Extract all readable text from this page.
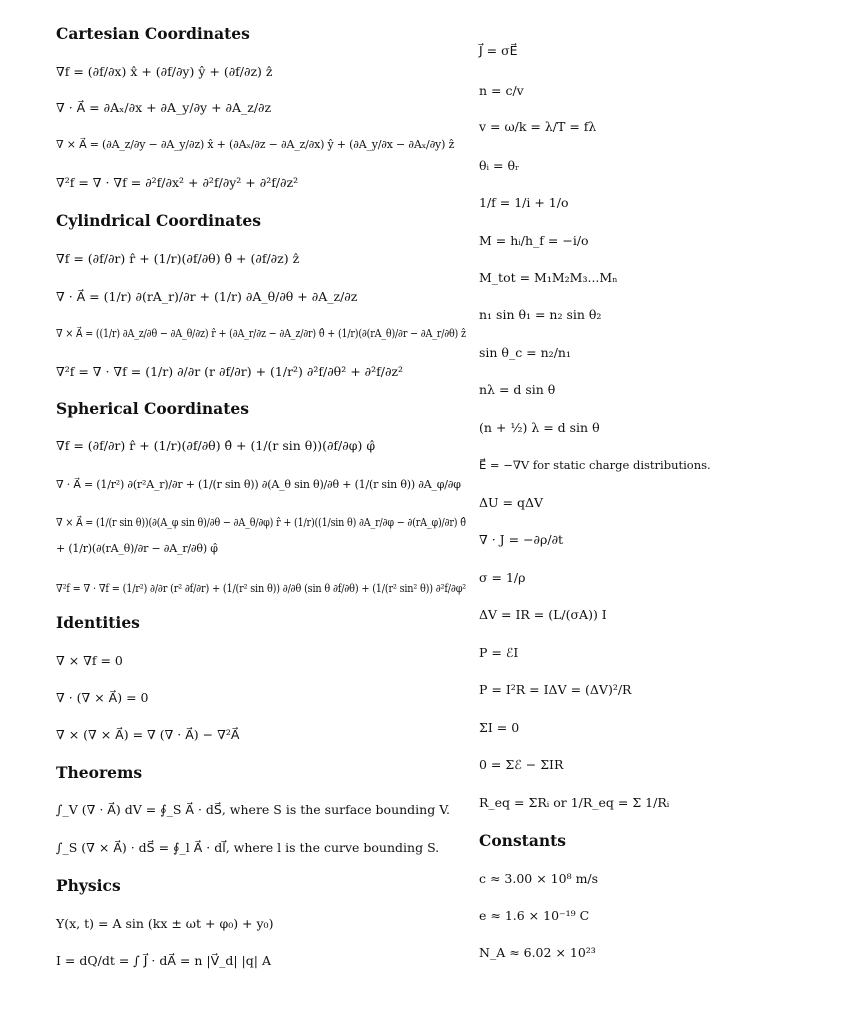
Cartesian Coordinates
∇f = (∂f/∂x) x̂ + (∂f/∂y) ŷ + (∂f/∂z) ẑ
∇ · A⃗ = ∂Aₓ/∂x + ∂A_y/∂y + ∂A_z/∂z
∇ × A⃗ = (∂A_z/∂y − ∂A_y/∂z) x̂ + (∂Aₓ/∂z − ∂A_z/∂x) ŷ + (∂A_y/∂x − ∂Aₓ/∂y) ẑ
∇²f = ∇ · ∇f = ∂²f/∂x² + ∂²f/∂y² + ∂²f/∂z²
Cylindrical Coordinates
∇f = (∂f/∂r) r̂ + (1/r)(∂f/∂θ) θ̂ + (∂f/∂z) ẑ
∇ · A⃗ = (1/r) ∂(rA_r)/∂r + (1/r) ∂A_θ/∂θ + ∂A_z/∂z
∇ × A⃗ = ((1/r) ∂A_z/∂θ − ∂A_θ/∂z) r̂ + (∂A_r/∂z − ∂A_z/∂r) θ̂ + (1/r)(∂(rA_θ)/∂r − ∂A_r/∂θ) ẑ
∇²f = ∇ · ∇f = (1/r) ∂/∂r (r ∂f/∂r) + (1/r²) ∂²f/∂θ² + ∂²f/∂z²
Spherical Coordinates
∇f = (∂f/∂r) r̂ + (1/r)(∂f/∂θ) θ̂ + (1/(r sin θ))(∂f/∂φ) φ̂
∇ · A⃗ = (1/r²) ∂(r²A_r)/∂r + (1/(r sin θ)) ∂(A_θ sin θ)/∂θ + (1/(r sin θ)) ∂A_φ/∂φ
∇ × A⃗ = (1/(r sin θ))(∂(A_φ sin θ)/∂θ − ∂A_θ/∂φ) r̂ + (1/r)((1/sin θ) ∂A_r/∂φ − ∂(rA_φ)/∂r) θ̂
+ (1/r)(∂(rA_θ)/∂r − ∂A_r/∂θ) φ̂
∇²f = ∇ · ∇f = (1/r²) ∂/∂r (r² ∂f/∂r) + (1/(r² sin θ)) ∂/∂θ (sin θ ∂f/∂θ) + (1/(r² sin² θ)) ∂²f/∂φ²
Identities
∇ × ∇f = 0
∇ · (∇ × A⃗) = 0
∇ × (∇ × A⃗) = ∇ (∇ · A⃗) − ∇²A⃗
Theorems
∫_V (∇ · A⃗) dV = ∮_S A⃗ · dS⃗, where S is the surface bounding V.
∫_S (∇ × A⃗) · dS⃗ = ∮_l A⃗ · dl⃗, where l is the curve bounding S.
Physics
Y(x, t) = A sin (kx ± ωt + φ₀) + y₀)
I = dQ/dt = ∫ J⃗ · dA⃗ = n |V⃗_d| |q| A
J⃗ = σE⃗
n = c/v
v = ω/k = λ/T = fλ
θᵢ = θᵣ
1/f = 1/i + 1/o
M = hᵢ/h_f = −i/o
M_tot = M₁M₂M₃...Mₙ
n₁ sin θ₁ = n₂ sin θ₂
sin θ_c = n₂/n₁
nλ = d sin θ
(n + ½) λ = d sin θ
E⃗ = −∇V for static charge distributions.
ΔU = qΔV
∇ · J = −∂ρ/∂t
σ = 1/ρ
ΔV = IR = (L/(σA)) I
P = ℰI
P = I²R = IΔV = (ΔV)²/R
ΣI = 0
0 = Σℰ − ΣIR
R_eq = ΣRᵢ or 1/R_eq = Σ 1/Rᵢ
Constants
c ≈ 3.00 × 10⁸ m/s
e ≈ 1.6 × 10⁻¹⁹ C
N_A ≈ 6.02 × 10²³
